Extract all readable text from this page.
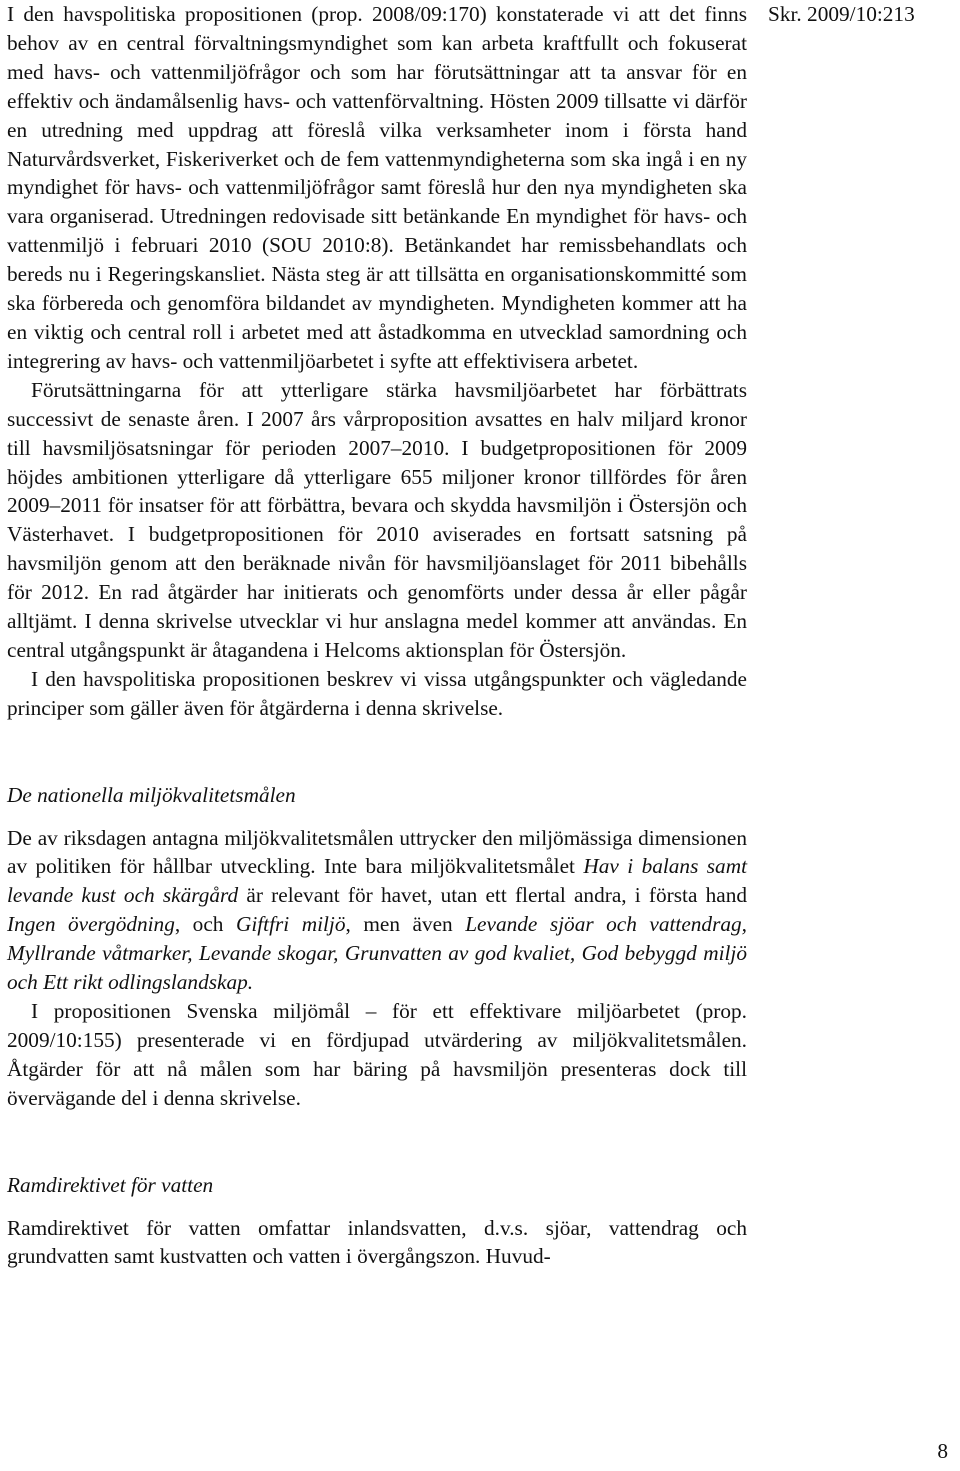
I den havspolitiska propositionen (prop. 2008/09:170) konstaterade vi att det finns behov av en central förvaltningsmyndighet som kan arbeta kraftfullt och fokuserat med havs- och vattenmiljöfrågor och som har förutsättningar att ta ansvar för en effektiv och ändamålsenlig havs- och vattenförvaltning. Hösten 2009 tillsatte vi därför en utredning med uppdrag att föreslå vilka verksamheter inom i första hand Naturvårdsverket, Fiskeriverket och de fem vattenmyndigheterna som ska ingå i en ny myndighet för havs- och vattenmiljöfrågor samt föreslå hur den nya myndigheten ska vara organiserad. Utredningen redovisade sitt betänkande En myndighet för havs- och vattenmiljö i februari 2010 (SOU 2010:8). Betänkandet har remissbehandlats och bereds nu i Regeringskansliet. Nästa steg är att tillsätta en organisationskommitté som ska förbereda och genomföra bildandet av myndigheten. Myndigheten kommer att ha en viktig och central roll i arbetet med att åstadkomma en utvecklad samordning och integrering av havs- och vattenmiljöarbetet i syfte att effektivisera arbetet.

Förutsättningarna för att ytterligare stärka havsmiljöarbetet har förbättrats successivt de senaste åren. I 2007 års vårproposition avsattes en halv miljard kronor till havsmiljösatsningar för perioden 2007–2010. I budgetpropositionen för 2009 höjdes ambitionen ytterligare då ytterligare 655 miljoner kronor tillfördes för åren 2009–2011 för insatser för att förbättra, bevara och skydda havsmiljön i Östersjön och Västerhavet. I budgetpropositionen för 2010 aviserades en fortsatt satsning på havsmiljön genom att den beräknade nivån för havsmiljöanslaget för 2011 bibehålls för 2012. En rad åtgärder har initierats och genomförts under dessa år eller pågår alltjämt. I denna skrivelse utvecklar vi hur anslagna medel kommer att användas. En central utgångspunkt är åtagandena i Helcoms aktionsplan för Östersjön.

I den havspolitiska propositionen beskrev vi vissa utgångspunkter och vägledande principer som gäller även för åtgärderna i denna skrivelse.

De nationella miljökvalitetsmålen

De av riksdagen antagna miljökvalitetsmålen uttrycker den miljömässiga dimensionen av politiken för hållbar utveckling. Inte bara miljökvalitetsmålet Hav i balans samt levande kust och skärgård är relevant för havet, utan ett flertal andra, i första hand Ingen övergödning, och Giftfri miljö, men även Levande sjöar och vattendrag, Myllrande våtmarker, Levande skogar, Grunvatten av god kvaliet, God bebyggd miljö och Ett rikt odlingslandskap.

I propositionen Svenska miljömål – för ett effektivare miljöarbetet (prop. 2009/10:155) presenterade vi en fördjupad utvärdering av miljökvalitetsmålen. Åtgärder för att nå målen som har bäring på havsmiljön presenteras dock till övervägande del i denna skrivelse.

Ramdirektivet för vatten

Ramdirektivet för vatten omfattar inlandsvatten, d.v.s. sjöar, vattendrag och grundvatten samt kustvatten och vatten i övergångszon. Huvud-

Skr. 2009/10:213
8
